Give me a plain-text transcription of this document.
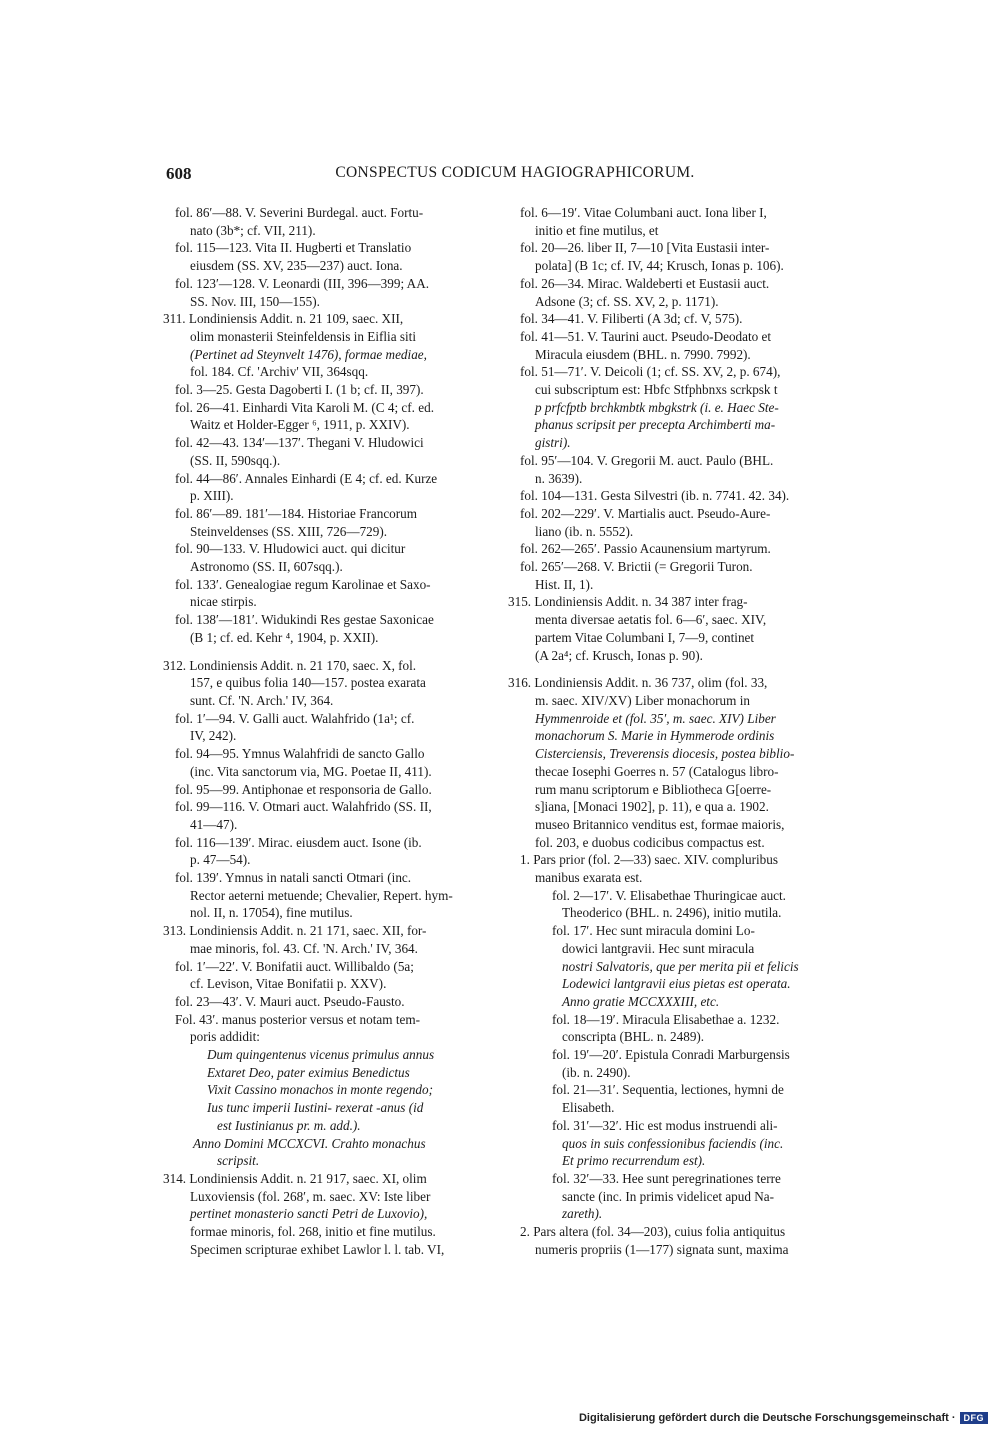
608	CONSPECTUS CODICUM HAGIOGRAPHICORUM.
fol. 86′—88. V. Severini Burdegal. auct. Fortu-
nato (3b*; cf. VII, 211).
fol. 115—123. Vita II. Hugberti et Translatio
eiusdem (SS. XV, 235—237) auct. Iona.
fol. 123′—128. V. Leonardi (III, 396—399; AA.
SS. Nov. III, 150—155).
311. Londiniensis Addit. n. 21 109, saec. XII,
olim monasterii Steinfeldensis in Eiflia siti
(Pertinet ad Steynvelt 1476), formae mediae,
fol. 184. Cf. 'Archiv' VII, 364sqq.
fol. 3—25. Gesta Dagoberti I. (1 b; cf. II, 397).
fol. 26—41. Einhardi Vita Karoli M. (C 4; cf. ed.
Waitz et Holder-Egger ⁶, 1911, p. XXIV).
fol. 42—43. 134′—137′. Thegani V. Hludowici
(SS. II, 590sqq.).
fol. 44—86′. Annales Einhardi (E 4; cf. ed. Kurze
p. XIII).
fol. 86′—89. 181′—184. Historiae Francorum
Steinveldenses (SS. XIII, 726—729).
fol. 90—133. V. Hludowici auct. qui dicitur
Astronomo (SS. II, 607sqq.).
fol. 133′. Genealogiae regum Karolinae et Saxo-
nicae stirpis.
fol. 138′—181′. Widukindi Res gestae Saxonicae
(B 1; cf. ed. Kehr ⁴, 1904, p. XXII).
312. Londiniensis Addit. n. 21 170, saec. X, fol.
157, e quibus folia 140—157. postea exarata
sunt. Cf. 'N. Arch.' IV, 364.
fol. 1′—94. V. Galli auct. Walahfrido (1a¹; cf.
IV, 242).
fol. 94—95. Ymnus Walahfridi de sancto Gallo
(inc. Vita sanctorum via, MG. Poetae II, 411).
fol. 95—99. Antiphonae et responsoria de Gallo.
fol. 99—116. V. Otmari auct. Walahfrido (SS. II,
41—47).
fol. 116—139′. Mirac. eiusdem auct. Isone (ib.
p. 47—54).
fol. 139′. Ymnus in natali sancti Otmari (inc.
Rector aeterni metuende; Chevalier, Repert. hym-
nol. II, n. 17054), fine mutilus.
313. Londiniensis Addit. n. 21 171, saec. XII, for-
mae minoris, fol. 43. Cf. 'N. Arch.' IV, 364.
fol. 1′—22′. V. Bonifatii auct. Willibaldo (5a;
cf. Levison, Vitae Bonifatii p. XXV).
fol. 23—43′. V. Mauri auct. Pseudo-Fausto.
Fol. 43′. manus posterior versus et notam tem-
poris addidit:
Dum quingentenus vicenus primulus annus
Extaret Deo, pater eximius Benedictus
Vixit Cassino monachos in monte regendo;
Ius tunc imperii Iustini- rexerat -anus (id
est Iustinianus pr. m. add.).
Anno Domini MCCXCVI. Crahto monachus
scripsit.
314. Londiniensis Addit. n. 21 917, saec. XI, olim
Luxoviensis (fol. 268′, m. saec. XV: Iste liber
pertinet monasterio sancti Petri de Luxovio),
formae minoris, fol. 268, initio et fine mutilus.
Specimen scripturae exhibet Lawlor l. l. tab. VI,
fol. 6—19′. Vitae Columbani auct. Iona liber I,
initio et fine mutilus, et
fol. 20—26. liber II, 7—10 [Vita Eustasii inter-
polata] (B 1c; cf. IV, 44; Krusch, Ionas p. 106).
fol. 26—34. Mirac. Waldeberti et Eustasii auct.
Adsone (3; cf. SS. XV, 2, p. 1171).
fol. 34—41. V. Filiberti (A 3d; cf. V, 575).
fol. 41—51. V. Taurini auct. Pseudo-Deodato et
Miracula eiusdem (BHL. n. 7990. 7992).
fol. 51—71′. V. Deicoli (1; cf. SS. XV, 2, p. 674),
cui subscriptum est: Hbfc Stfphbnxs scrkpsk t
p prfcfptb brchkmbtk mbgkstrk (i. e. Haec Ste-
phanus scripsit per precepta Archimberti ma-
gistri).
fol. 95′—104. V. Gregorii M. auct. Paulo (BHL.
n. 3639).
fol. 104—131. Gesta Silvestri (ib. n. 7741. 42. 34).
fol. 202—229′. V. Martialis auct. Pseudo-Aure-
liano (ib. n. 5552).
fol. 262—265′. Passio Acaunensium martyrum.
fol. 265′—268. V. Brictii (= Gregorii Turon.
Hist. II, 1).
315. Londiniensis Addit. n. 34 387 inter frag-
menta diversae aetatis fol. 6—6′, saec. XIV,
partem Vitae Columbani I, 7—9, continet
(A 2a⁴; cf. Krusch, Ionas p. 90).
316. Londiniensis Addit. n. 36 737, olim (fol. 33,
m. saec. XIV/XV) Liber monachorum in
Hymmenroide et (fol. 35′, m. saec. XIV) Liber
monachorum S. Marie in Hymmerode ordinis
Cisterciensis, Treverensis diocesis, postea biblio-
thecae Iosephi Goerres n. 57 (Catalogus libro-
rum manu scriptorum e Bibliotheca G[oerre-
s]iana, [Monaci 1902], p. 11), e qua a. 1902.
museo Britannico venditus est, formae maioris,
fol. 203, e duobus codicibus compactus est.
1. Pars prior (fol. 2—33) saec. XIV. compluribus
manibus exarata est.
fol. 2—17′. V. Elisabethae Thuringicae auct.
Theoderico (BHL. n. 2496), initio mutila.
fol. 17′. Hec sunt miracula domini Lo-
dowici lantgravii. Hec sunt miracula
nostri Salvatoris, que per merita pii et felicis
Lodewici lantgravii eius pietas est operata.
Anno gratie MCCXXXIII, etc.
fol. 18—19′. Miracula Elisabethae a. 1232.
conscripta (BHL. n. 2489).
fol. 19′—20′. Epistula Conradi Marburgensis
(ib. n. 2490).
fol. 21—31′. Sequentia, lectiones, hymni de
Elisabeth.
fol. 31′—32′. Hic est modus instruendi ali-
quos in suis confessionibus faciendis (inc.
Et primo recurrendum est).
fol. 32′—33. Hee sunt peregrinationes terre
sancte (inc. In primis videlicet apud Na-
zareth).
2. Pars altera (fol. 34—203), cuius folia antiquitus
numeris propriis (1—177) signata sunt, maxima
Digitalisierung gefördert durch die Deutsche Forschungsgemeinschaft · DFG
